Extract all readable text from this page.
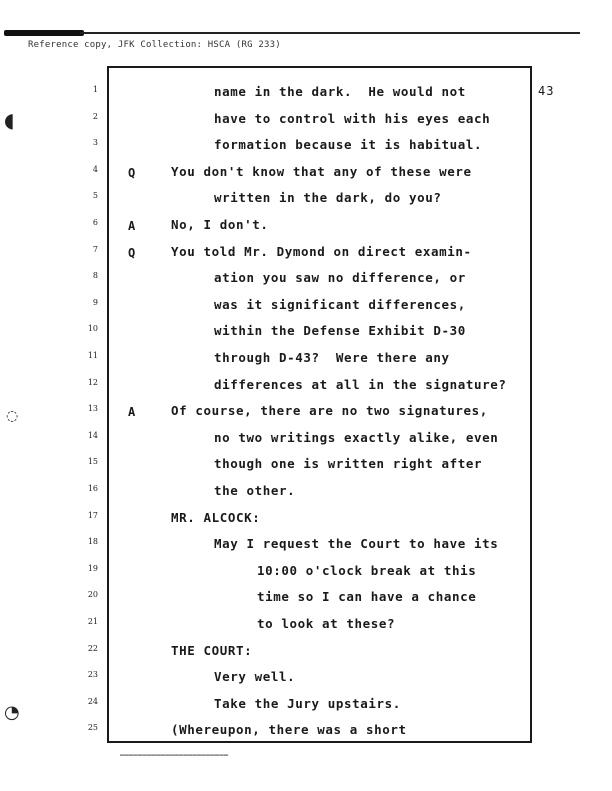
Reference copy, JFK Collection: HSCA (RG 233)
◖
◌
◔
43
1	name in the dark.  He would not
2	have to control with his eyes each
3	formation because it is habitual.
4	Q	You don't know that any of these were
5	written in the dark, do you?
6	A	No, I don't.
7	Q	You told Mr. Dymond on direct examin-
8	ation you saw no difference, or
9	was it significant differences,
10	within the Defense Exhibit D-30
11	through D-43?  Were there any
12	differences at all in the signature?
13	A	Of course, there are no two signatures,
14	no two writings exactly alike, even
15	though one is written right after
16	the other.
17	MR. ALCOCK:
18	May I request the Court to have its
19	10:00 o'clock break at this
20	time so I can have a chance
21	to look at these?
22	THE COURT:
23	Very well.
24	Take the Jury upstairs.
25	(Whereupon, there was a short
▁▁▁▁▁▁▁▁▁▁▁▁▁▁▁▁▁▁▁▁▁▁▁▁
